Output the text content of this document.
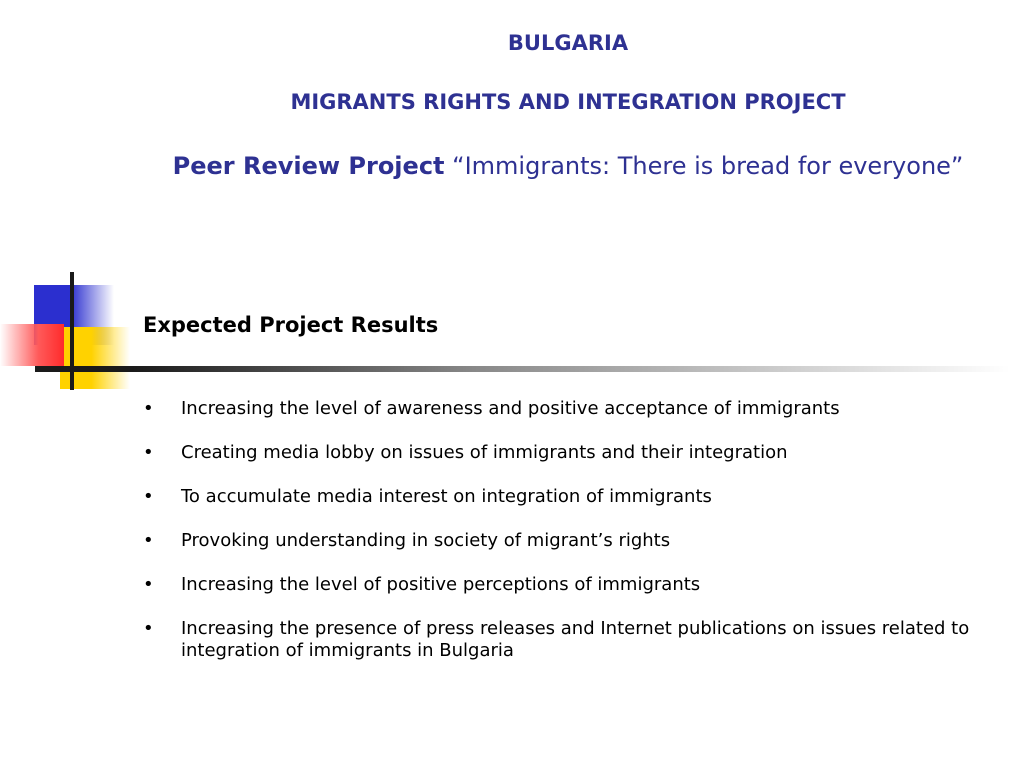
BULGARIA
MIGRANTS RIGHTS AND INTEGRATION PROJECT
Peer Review Project “Immigrants: There is bread for everyone”
Expected Project Results
• Increasing the level of awareness and positive acceptance of immigrants
• Creating media lobby on issues of immigrants and their integration
• To accumulate media interest on integration of immigrants
• Provoking understanding in society of migrant’s rights
• Increasing the level of positive perceptions of immigrants
• Increasing the presence of press releases and Internet publications on issues related to integration of immigrants in Bulgaria
